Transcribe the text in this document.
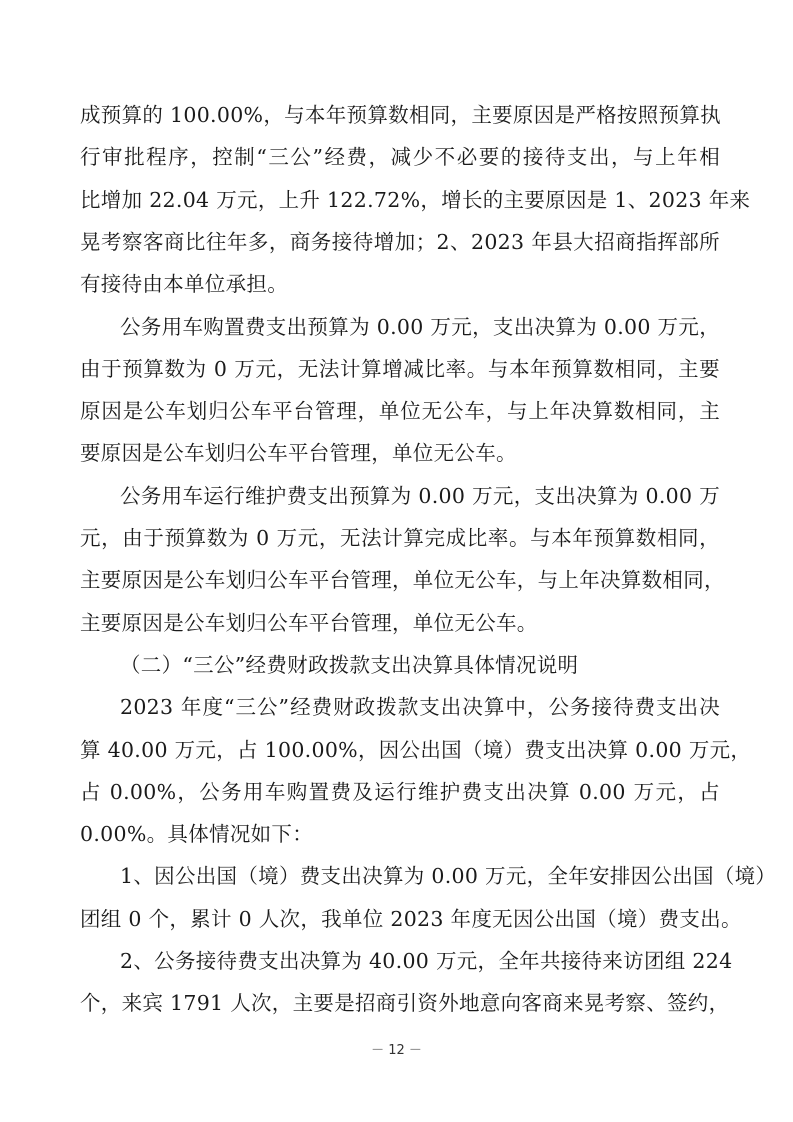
成预算的 100.00%，与本年预算数相同，主要原因是严格按照预算执
行审批程序，控制“三公”经费，减少不必要的接待支出，与上年相
比增加 22.04 万元，上升 122.72%，增长的主要原因是 1、2023 年来
晃考察客商比往年多，商务接待增加；2、2023 年县大招商指挥部所
有接待由本单位承担。
公务用车购置费支出预算为 0.00 万元，支出决算为 0.00 万元，
由于预算数为 0 万元，无法计算增减比率。与本年预算数相同，主要
原因是公车划归公车平台管理，单位无公车，与上年决算数相同，主
要原因是公车划归公车平台管理，单位无公车。
公务用车运行维护费支出预算为 0.00 万元，支出决算为 0.00 万
元，由于预算数为 0 万元，无法计算完成比率。与本年预算数相同，
主要原因是公车划归公车平台管理，单位无公车，与上年决算数相同，
主要原因是公车划归公车平台管理，单位无公车。
（二）“三公”经费财政拨款支出决算具体情况说明
2023 年度“三公”经费财政拨款支出决算中，公务接待费支出决
算 40.00 万元，占 100.00%，因公出国（境）费支出决算 0.00 万元，
占 0.00%，公务用车购置费及运行维护费支出决算 0.00 万元，占
0.00%。具体情况如下：
1、因公出国（境）费支出决算为 0.00 万元，全年安排因公出国（境）
团组 0 个，累计 0 人次，我单位 2023 年度无因公出国（境）费支出。
2、公务接待费支出决算为 40.00 万元，全年共接待来访团组 224
个，来宾 1791 人次，主要是招商引资外地意向客商来晃考察、签约，
－ 12 －
